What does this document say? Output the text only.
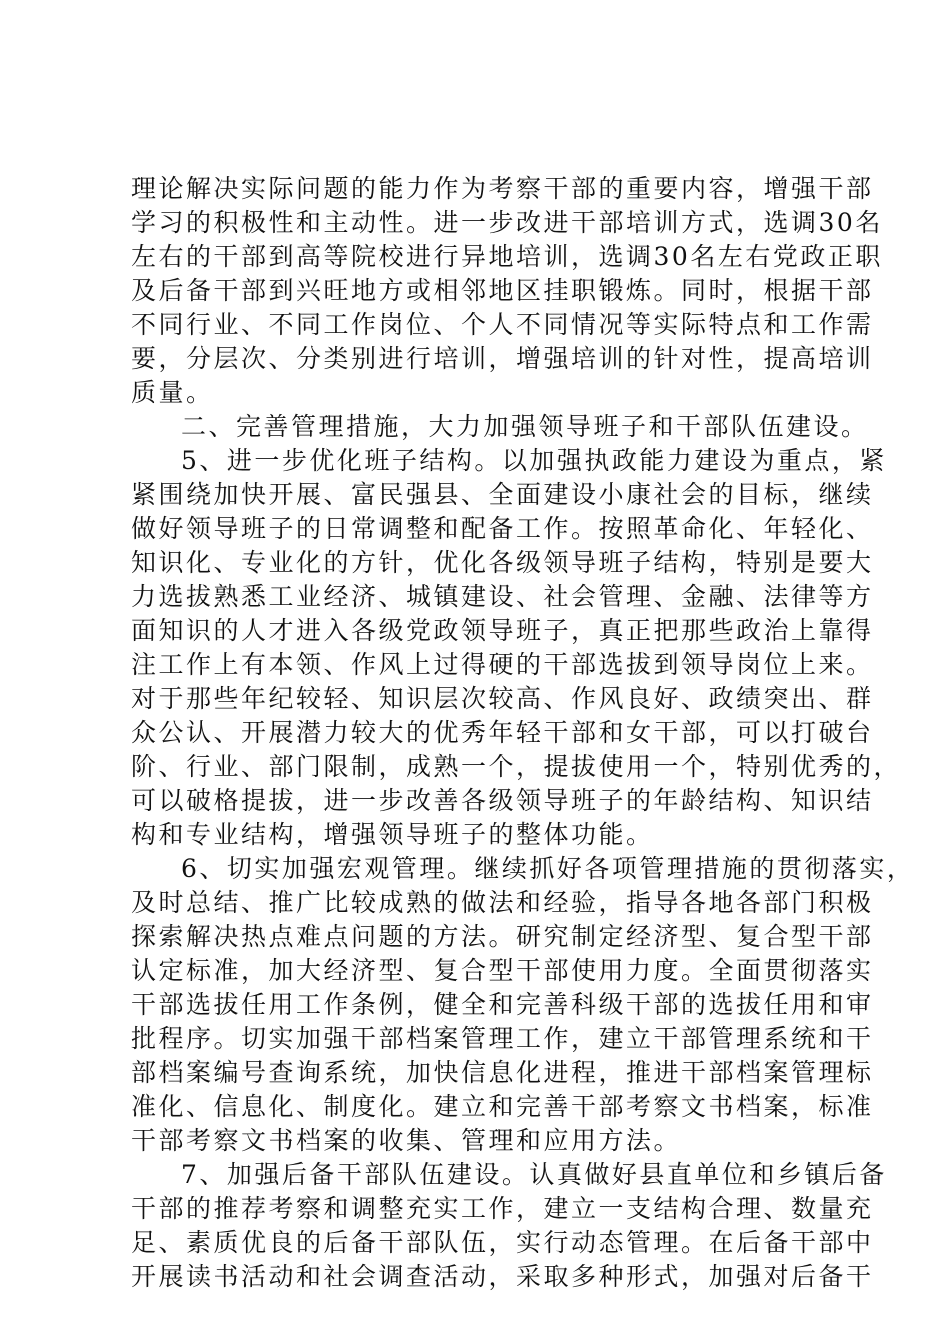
理论解决实际问题的能力作为考察干部的重要内容，增强干部
学习的积极性和主动性。进一步改进干部培训方式，选调30名
左右的干部到高等院校进行异地培训，选调30名左右党政正职
及后备干部到兴旺地方或相邻地区挂职锻炼。同时，根据干部
不同行业、不同工作岗位、个人不同情况等实际特点和工作需
要，分层次、分类别进行培训，增强培训的针对性，提高培训
质量。
二、完善管理措施，大力加强领导班子和干部队伍建设。
5、进一步优化班子结构。以加强执政能力建设为重点，紧
紧围绕加快开展、富民强县、全面建设小康社会的目标，继续
做好领导班子的日常调整和配备工作。按照革命化、年轻化、
知识化、专业化的方针，优化各级领导班子结构，特别是要大
力选拔熟悉工业经济、城镇建设、社会管理、金融、法律等方
面知识的人才进入各级党政领导班子，真正把那些政治上靠得
注工作上有本领、作风上过得硬的干部选拔到领导岗位上来。
对于那些年纪较轻、知识层次较高、作风良好、政绩突出、群
众公认、开展潜力较大的优秀年轻干部和女干部，可以打破台
阶、行业、部门限制，成熟一个，提拔使用一个，特别优秀的，
可以破格提拔，进一步改善各级领导班子的年龄结构、知识结
构和专业结构，增强领导班子的整体功能。
6、切实加强宏观管理。继续抓好各项管理措施的贯彻落实，
及时总结、推广比较成熟的做法和经验，指导各地各部门积极
探索解决热点难点问题的方法。研究制定经济型、复合型干部
认定标准，加大经济型、复合型干部使用力度。全面贯彻落实
干部选拔任用工作条例，健全和完善科级干部的选拔任用和审
批程序。切实加强干部档案管理工作，建立干部管理系统和干
部档案编号查询系统，加快信息化进程，推进干部档案管理标
准化、信息化、制度化。建立和完善干部考察文书档案，标准
干部考察文书档案的收集、管理和应用方法。
7、加强后备干部队伍建设。认真做好县直单位和乡镇后备
干部的推荐考察和调整充实工作，建立一支结构合理、数量充
足、素质优良的后备干部队伍，实行动态管理。在后备干部中
开展读书活动和社会调查活动，采取多种形式，加强对后备干
